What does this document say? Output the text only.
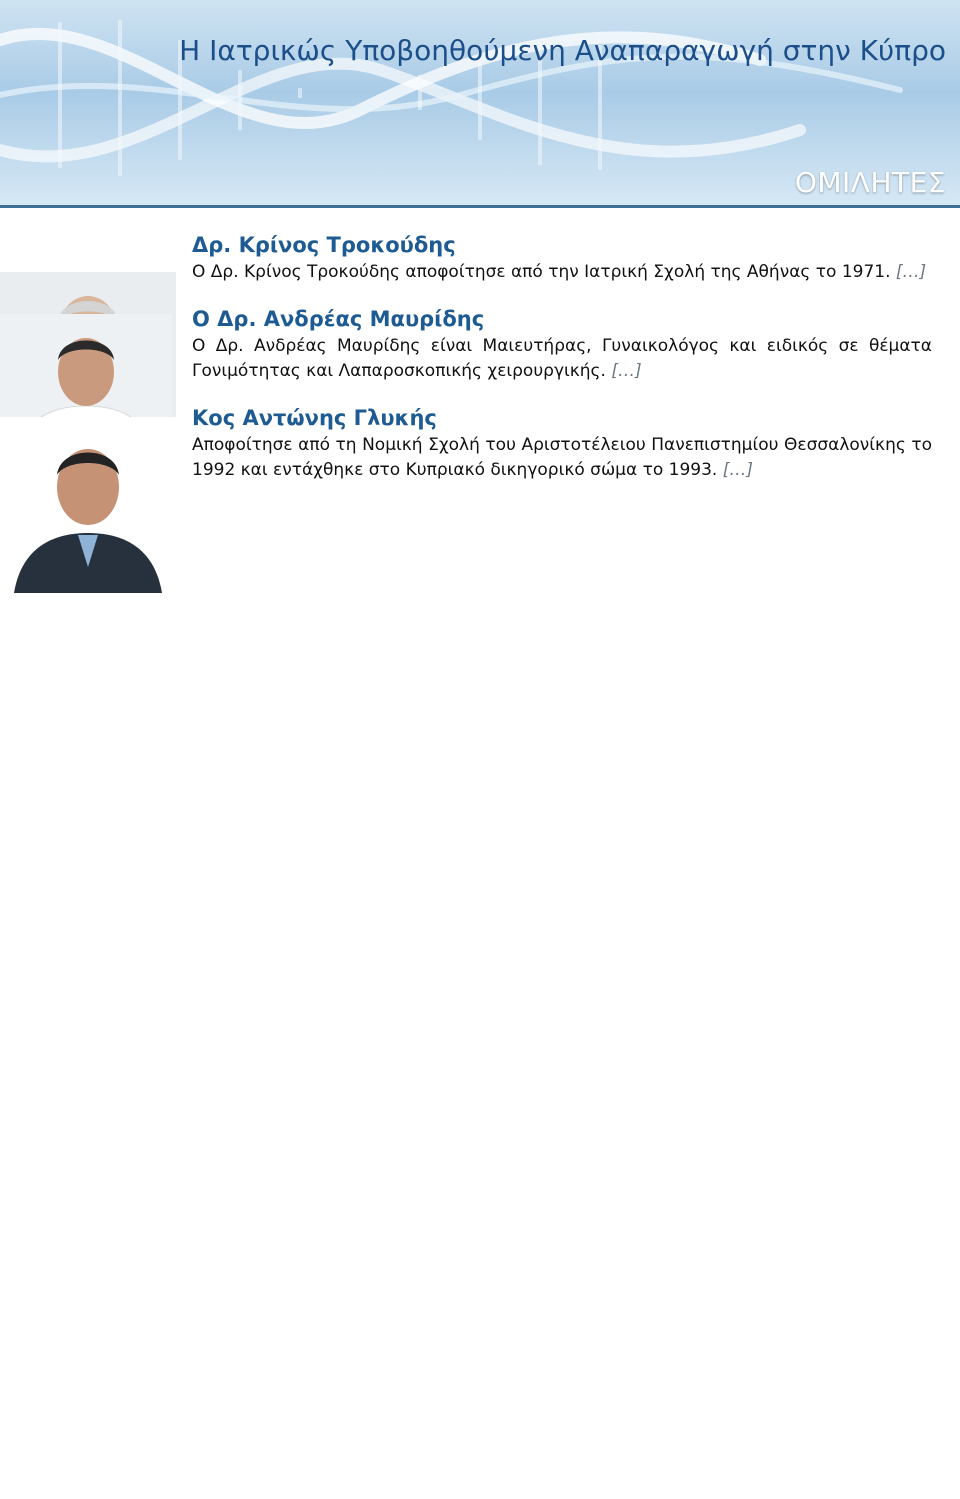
Η Ιατρικώς Υποβοηθούμενη Αναπαραγωγή στην Κύπρο

ΟΜΙΛΗΤΕΣ

Δρ. Κρίνος Τροκούδης

Ο Δρ. Κρίνος Τροκούδης αποφοίτησε από την Ιατρική Σχολή της Αθήνας το 1971. […]

Ο Δρ. Ανδρέας Μαυρίδης

Ο Δρ. Ανδρέας Μαυρίδης είναι Μαιευτήρας, Γυναικολόγος και ειδικός σε θέματα Γονιμότητας και Λαπαροσκοπικής χειρουργικής. […]

Κος Αντώνης Γλυκής

Αποφοίτησε από τη Νομική Σχολή του Αριστοτέλειου Πανεπιστημίου Θεσσαλονίκης το 1992 και εντάχθηκε στο Κυπριακό δικηγορικό σώμα το 1993. […]
